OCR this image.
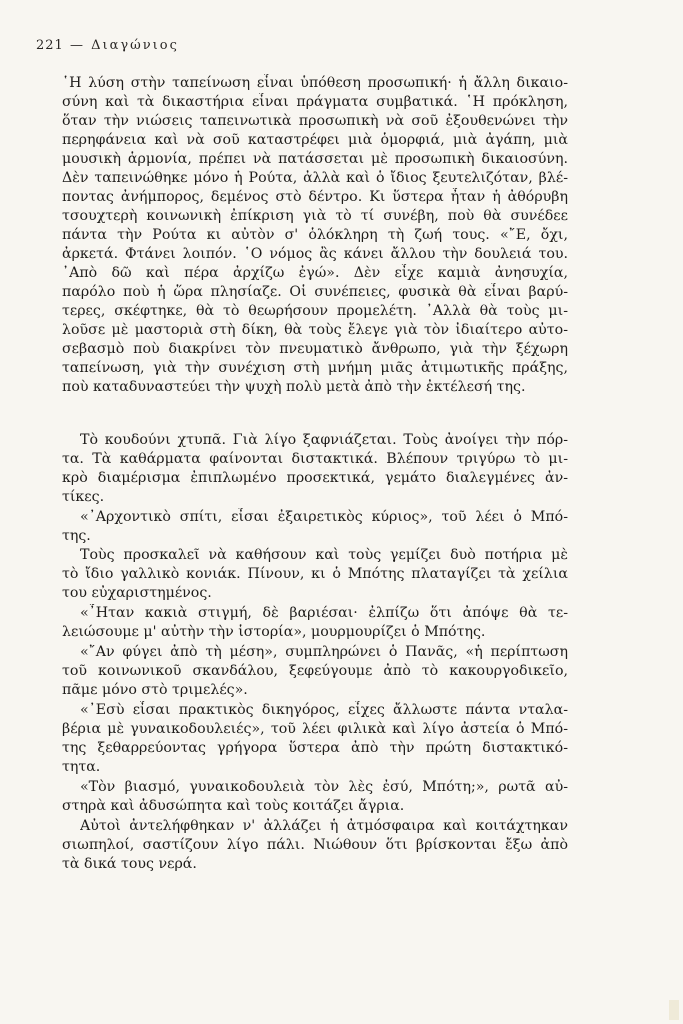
221 — Διαγώνιος
῾Η λύση στὴν ταπείνωση εἶναι ὑπόθεση προσωπική· ἡ ἄλλη δικαιο-
σύνη καὶ τὰ δικαστήρια εἶναι πράγματα συμβατικά. ῾Η πρόκληση,
ὅταν τὴν νιώσεις ταπεινωτικὰ προσωπικὴ νὰ σοῦ ἐξουθενώνει τὴν
περηφάνεια καὶ νὰ σοῦ καταστρέφει μιὰ ὁμορφιά, μιὰ ἀγάπη, μιὰ
μουσικὴ ἁρμονία, πρέπει νὰ πατάσσεται μὲ προσωπικὴ δικαιοσύνη.
Δὲν ταπεινώθηκε μόνο ἡ Ρούτα, ἀλλὰ καὶ ὁ ἴδιος ξευτελιζόταν, βλέ-
ποντας ἀνήμπορος, δεμένος στὸ δέντρο. Κι ὕστερα ἦταν ἡ ἀθόρυβη
τσουχτερὴ κοινωνικὴ ἐπίκριση γιὰ τὸ τί συνέβη, ποὺ θὰ συνέδεε
πάντα τὴν Ρούτα κι αὐτὸν σ' ὁλόκληρη τὴ ζωή τους. «῎Ε, ὄχι,
ἀρκετά. Φτάνει λοιπόν. ῾Ο νόμος ἂς κάνει ἄλλου τὴν δουλειά του.
᾿Απὸ δῶ καὶ πέρα ἀρχίζω ἐγώ». Δὲν εἶχε καμιὰ ἀνησυχία,
παρόλο ποὺ ἡ ὥρα πλησίαζε. Οἱ συνέπειες, φυσικὰ θὰ εἶναι βαρύ-
τερες, σκέφτηκε, θὰ τὸ θεωρήσουν προμελέτη. ᾿Αλλὰ θὰ τοὺς μι-
λοῦσε μὲ μαστοριὰ στὴ δίκη, θὰ τοὺς ἔλεγε γιὰ τὸν ἰδιαίτερο αὐτο-
σεβασμὸ ποὺ διακρίνει τὸν πνευματικὸ ἄνθρωπο, γιὰ τὴν ξέχωρη
ταπείνωση, γιὰ τὴν συνέχιση στὴ μνήμη μιᾶς ἀτιμωτικῆς πράξης,
ποὺ καταδυναστεύει τὴν ψυχὴ πολὺ μετὰ ἀπὸ τὴν ἐκτέλεσή της.
Τὸ κουδούνι χτυπᾶ. Γιὰ λίγο ξαφνιάζεται. Τοὺς ἀνοίγει τὴν πόρ-
τα. Τὰ καθάρματα φαίνονται διστακτικά. Βλέπουν τριγύρω τὸ μι-
κρὸ διαμέρισμα ἐπιπλωμένο προσεκτικά, γεμάτο διαλεγμένες ἀν-
τίκες.
«᾿Αρχοντικὸ σπίτι, εἶσαι ἐξαιρετικὸς κύριος», τοῦ λέει ὁ Μπό-
της.
Τοὺς προσκαλεῖ νὰ καθήσουν καὶ τοὺς γεμίζει δυὸ ποτήρια μὲ
τὸ ἴδιο γαλλικὸ κονιάκ. Πίνουν, κι ὁ Μπότης πλαταγίζει τὰ χείλια
του εὐχαριστημένος.
«῏Ηταν κακιὰ στιγμή, δὲ βαριέσαι· ἐλπίζω ὅτι ἀπόψε θὰ τε-
λειώσουμε μ' αὐτὴν τὴν ἱστορία», μουρμουρίζει ὁ Μπότης.
«῎Αν φύγει ἀπὸ τὴ μέση», συμπληρώνει ὁ Πανᾶς, «ἡ περίπτωση
τοῦ κοινωνικοῦ σκανδάλου, ξεφεύγουμε ἀπὸ τὸ κακουργοδικεῖο,
πᾶμε μόνο στὸ τριμελές».
«᾿Εσὺ εἶσαι πρακτικὸς δικηγόρος, εἶχες ἄλλωστε πάντα νταλα-
βέρια μὲ γυναικοδουλειές», τοῦ λέει φιλικὰ καὶ λίγο ἀστεία ὁ Μπό-
της ξεθαρρεύοντας γρήγορα ὕστερα ἀπὸ τὴν πρώτη διστακτικό-
τητα.
«Τὸν βιασμό, γυναικοδουλειὰ τὸν λὲς ἐσύ, Μπότη;», ρωτᾶ αὐ-
στηρὰ καὶ ἀδυσώπητα καὶ τοὺς κοιτάζει ἄγρια.
Αὐτοὶ ἀντελήφθηκαν ν' ἀλλάζει ἡ ἀτμόσφαιρα καὶ κοιτάχτηκαν
σιωπηλοί, σαστίζουν λίγο πάλι. Νιώθουν ὅτι βρίσκονται ἔξω ἀπὸ
τὰ δικά τους νερά.
